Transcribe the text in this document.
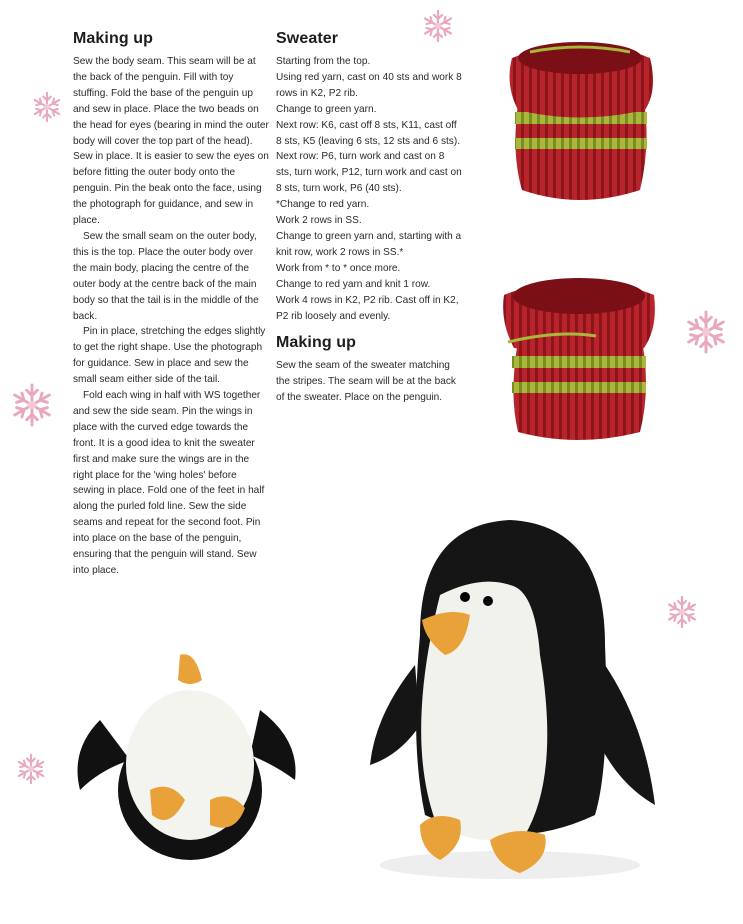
Making up

Sew the body seam. This seam will be at the back of the penguin. Fill with toy stuffing. Fold the base of the penguin up and sew in place. Place the two beads on the head for eyes (bearing in mind the outer body will cover the top part of the head). Sew in place. It is easier to sew the eyes on before fitting the outer body onto the penguin. Pin the beak onto the face, using the photograph for guidance, and sew in place.

Sew the small seam on the outer body, this is the top. Place the outer body over the main body, placing the centre of the outer body at the centre back of the main body so that the tail is in the middle of the back.

Pin in place, stretching the edges slightly to get the right shape. Use the photograph for guidance. Sew in place and sew the small seam either side of the tail.

Fold each wing in half with WS together and sew the side seam. Pin the wings in place with the curved edge towards the front. It is a good idea to knit the sweater first and make sure the wings are in the right place for the 'wing holes' before sewing in place. Fold one of the feet in half along the purled fold line. Sew the side seams and repeat for the second foot. Pin into place on the base of the penguin, ensuring that the penguin will stand. Sew into place.

Sweater

Starting from the top.

Using red yarn, cast on 40 sts and work 8 rows in K2, P2 rib.

Change to green yarn.

Next row: K6, cast off 8 sts, K11, cast off 8 sts, K5 (leaving 6 sts, 12 sts and 6 sts).

Next row: P6, turn work and cast on 8 sts, turn work, P12, turn work and cast on 8 sts, turn work, P6 (40 sts).

*Change to red yarn.

Work 2 rows in SS.

Change to green yarn and, starting with a knit row, work 2 rows in SS.*

Work from * to * once more.

Change to red yarn and knit 1 row.

Work 4 rows in K2, P2 rib. Cast off in K2, P2 rib loosely and evenly.

Making up

Sew the seam of the sweater matching the stripes. The seam will be at the back of the sweater. Place on the penguin.
